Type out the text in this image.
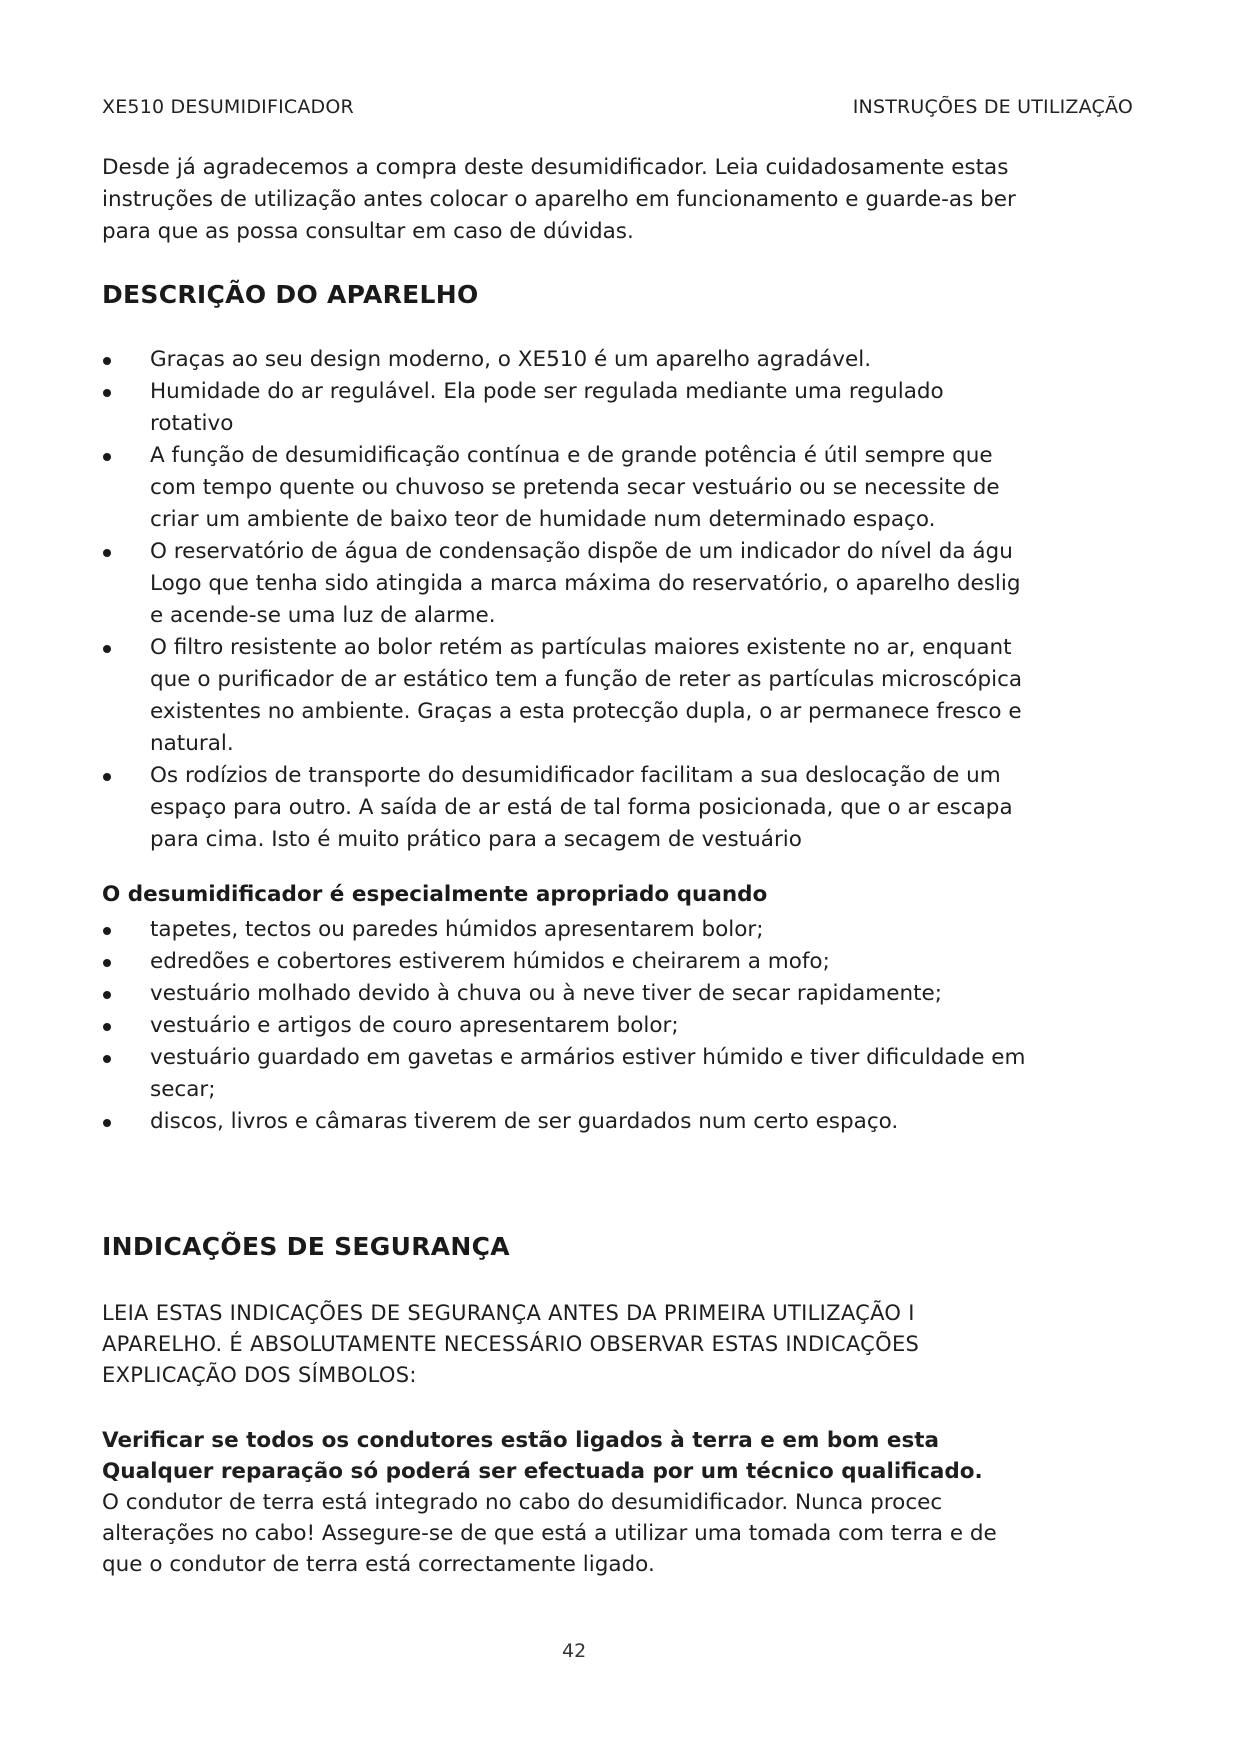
XE510 DESUMIDIFICADOR	INSTRUÇÕES DE UTILIZAÇÃO
Desde já agradecemos a compra deste desumidificador. Leia cuidadosamente estas
instruções de utilização antes colocar o aparelho em funcionamento e guarde-as ber
para que as possa consultar em caso de dúvidas.
DESCRIÇÃO DO APARELHO
Graças ao seu design moderno, o XE510 é um aparelho agradável.
Humidade do ar regulável. Ela pode ser regulada mediante uma regulado
rotativo
A função de desumidificação contínua e de grande potência é útil sempre que
com tempo quente ou chuvoso se pretenda secar vestuário ou se necessite de
criar um ambiente de baixo teor de humidade num determinado espaço.
O reservatório de água de condensação dispõe de um indicador do nível da águ
Logo que tenha sido atingida a marca máxima do reservatório, o aparelho deslig
e acende-se uma luz de alarme.
O filtro resistente ao bolor retém as partículas maiores existente no ar, enquant
que o purificador de ar estático tem a função de reter as partículas microscópica
existentes no ambiente. Graças a esta protecção dupla, o ar permanece fresco e
natural.
Os rodízios de transporte do desumidificador facilitam a sua deslocação de um
espaço para outro. A saída de ar está de tal forma posicionada, que o ar escapa
para cima. Isto é muito prático para a secagem de vestuário
O desumidificador é especialmente apropriado quando
tapetes, tectos ou paredes húmidos apresentarem bolor;
edredões e cobertores estiverem húmidos e cheirarem a mofo;
vestuário molhado devido à chuva ou à neve tiver de secar rapidamente;
vestuário e artigos de couro apresentarem bolor;
vestuário guardado em gavetas e armários estiver húmido e tiver dificuldade em
secar;
discos, livros e câmaras tiverem de ser guardados num certo espaço.
INDICAÇÕES DE SEGURANÇA
LEIA ESTAS INDICAÇÕES DE SEGURANÇA ANTES DA PRIMEIRA UTILIZAÇÃO I
APARELHO. É ABSOLUTAMENTE NECESSÁRIO OBSERVAR ESTAS INDICAÇÕES
EXPLICAÇÃO DOS SÍMBOLOS:
Verificar se todos os condutores estão ligados à terra e em bom esta
Qualquer reparação só poderá ser efectuada por um técnico qualificado.
O condutor de terra está integrado no cabo do desumidificador. Nunca procec
alterações no cabo! Assegure-se de que está a utilizar uma tomada com terra e de
que o condutor de terra está correctamente ligado.
42
